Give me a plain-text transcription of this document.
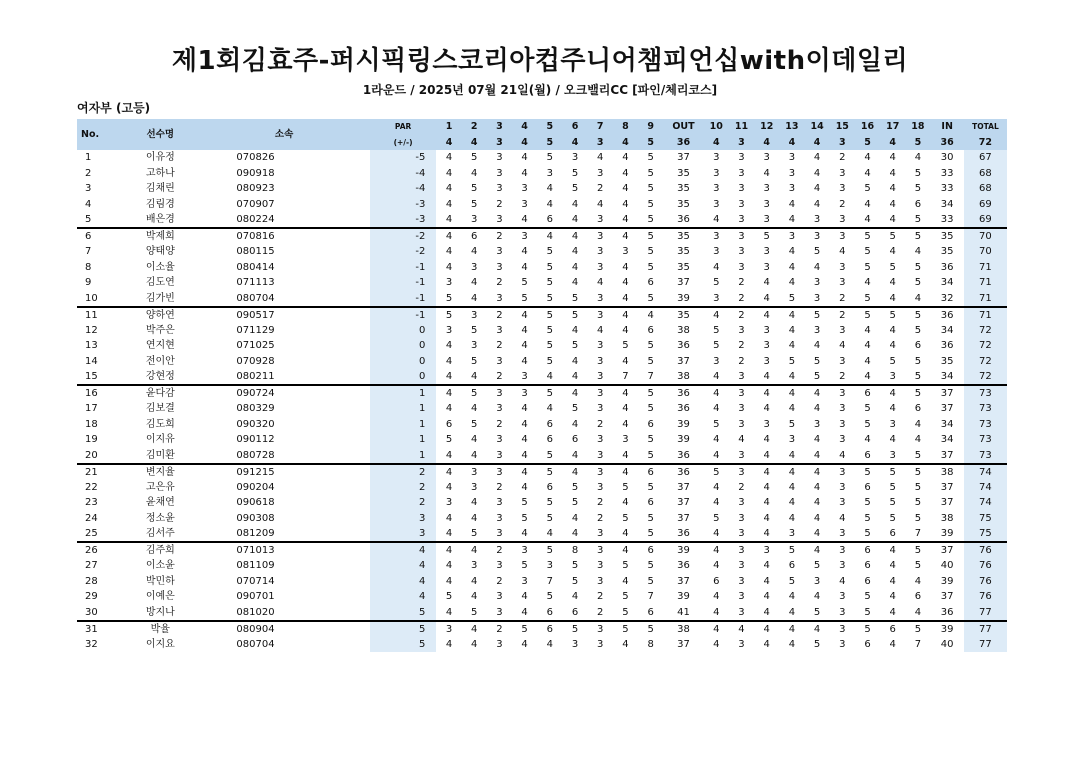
제1회김효주-퍼시픽링스코리아컵주니어챔피언십with이데일리
1라운드 / 2025년 07월 21일(월) / 오크밸리CC [파인/체리코스]
여자부 (고등)
No.	선수명	소속	PAR	1	2	3	4	5	6	7	8	9	OUT	10	11	12	13	14	15	16	17	18	IN	TOTAL
			(+/-)	4	4	3	4	5	4	3	4	5	36	4	3	4	4	4	3	5	4	5	36	72
1	이유정	070826	-5	4	5	3	4	5	3	4	4	5	37	3	3	3	3	4	2	4	4	4	30	67
2	고하나	090918	-4	4	4	3	4	3	5	3	4	5	35	3	3	4	3	4	3	4	4	5	33	68
3	김채린	080923	-4	4	5	3	3	4	5	2	4	5	35	3	3	3	3	4	3	5	4	5	33	68
4	김림경	070907	-3	4	5	2	3	4	4	4	4	5	35	3	3	3	4	4	2	4	4	6	34	69
5	배은경	080224	-3	4	3	3	4	6	4	3	4	5	36	4	3	3	4	3	3	4	4	5	33	69
6	박제희	070816	-2	4	6	2	3	4	4	3	4	5	35	3	3	5	3	3	3	5	5	5	35	70
7	양태양	080115	-2	4	4	3	4	5	4	3	3	5	35	3	3	3	4	5	4	5	4	4	35	70
8	이소율	080414	-1	4	3	3	4	5	4	3	4	5	35	4	3	3	4	4	3	5	5	5	36	71
9	김도연	071113	-1	3	4	2	5	5	4	4	4	6	37	5	2	4	4	3	3	4	4	5	34	71
10	김가빈	080704	-1	5	4	3	5	5	5	3	4	5	39	3	2	4	5	3	2	5	4	4	32	71
11	양하연	090517	-1	5	3	2	4	5	5	3	4	4	35	4	2	4	4	5	2	5	5	5	36	71
12	박주은	071129	0	3	5	3	4	5	4	4	4	6	38	5	3	3	4	3	3	4	4	5	34	72
13	연지현	071025	0	4	3	2	4	5	5	3	5	5	36	5	2	3	4	4	4	4	4	6	36	72
14	전이안	070928	0	4	5	3	4	5	4	3	4	5	37	3	2	3	5	5	3	4	5	5	35	72
15	강현정	080211	0	4	4	2	3	4	4	3	7	7	38	4	3	4	4	5	2	4	3	5	34	72
16	윤다감	090724	1	4	5	3	3	5	4	3	4	5	36	4	3	4	4	4	3	6	4	5	37	73
17	김보결	080329	1	4	4	3	4	4	5	3	4	5	36	4	3	4	4	4	3	5	4	6	37	73
18	김도희	090320	1	6	5	2	4	6	4	2	4	6	39	5	3	3	5	3	3	5	3	4	34	73
19	이지유	090112	1	5	4	3	4	6	6	3	3	5	39	4	4	4	3	4	3	4	4	4	34	73
20	김미환	080728	1	4	4	3	4	5	4	3	4	5	36	4	3	4	4	4	4	6	3	5	37	73
21	변지율	091215	2	4	3	3	4	5	4	3	4	6	36	5	3	4	4	4	3	5	5	5	38	74
22	고은유	090204	2	4	3	2	4	6	5	3	5	5	37	4	2	4	4	4	3	6	5	5	37	74
23	윤채연	090618	2	3	4	3	5	5	5	2	4	6	37	4	3	4	4	4	3	5	5	5	37	74
24	정소윤	090308	3	4	4	3	5	5	4	2	5	5	37	5	3	4	4	4	4	5	5	5	38	75
25	김서주	081209	3	4	5	3	4	4	4	3	4	5	36	4	3	4	3	4	3	5	6	7	39	75
26	김주희	071013	4	4	4	2	3	5	8	3	4	6	39	4	3	3	5	4	3	6	4	5	37	76
27	이소윤	081109	4	4	3	3	5	3	5	3	5	5	36	4	3	4	6	5	3	6	4	5	40	76
28	박민하	070714	4	4	4	2	3	7	5	3	4	5	37	6	3	4	5	3	4	6	4	4	39	76
29	이예은	090701	4	5	4	3	4	5	4	2	5	7	39	4	3	4	4	4	3	5	4	6	37	76
30	방지나	081020	5	4	5	3	4	6	6	2	5	6	41	4	3	4	4	5	3	5	4	4	36	77
31	박율	080904	5	3	4	2	5	6	5	3	5	5	38	4	4	4	4	4	3	5	6	5	39	77
32	이지요	080704	5	4	4	3	4	4	3	3	4	8	37	4	3	4	4	5	3	6	4	7	40	77
